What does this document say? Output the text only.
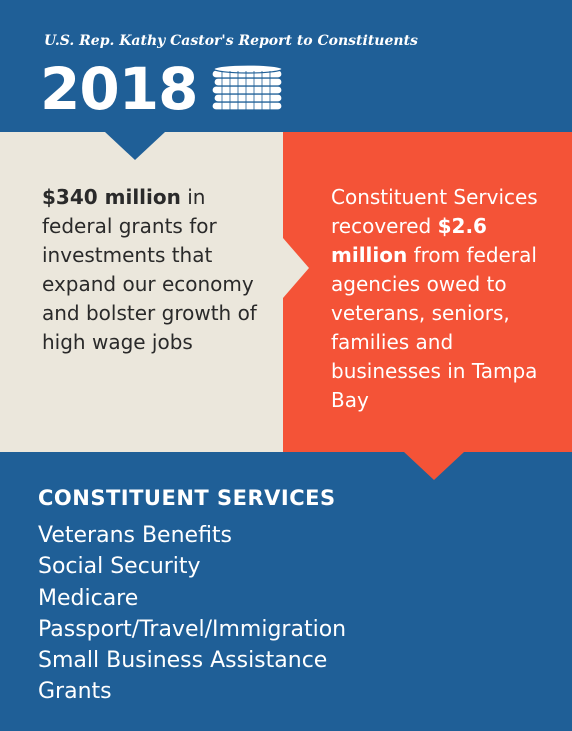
U.S. Rep. Kathy Castor's Report to Constituents
2018
$340 million in federal grants for investments that expand our economy and bolster growth of high wage jobs
Constituent Services recovered $2.6 million from federal agencies owed to veterans, seniors, families and businesses in Tampa Bay
CONSTITUENT SERVICES
Veterans Benefits
Social Security
Medicare
Passport/Travel/Immigration
Small Business Assistance
Grants
